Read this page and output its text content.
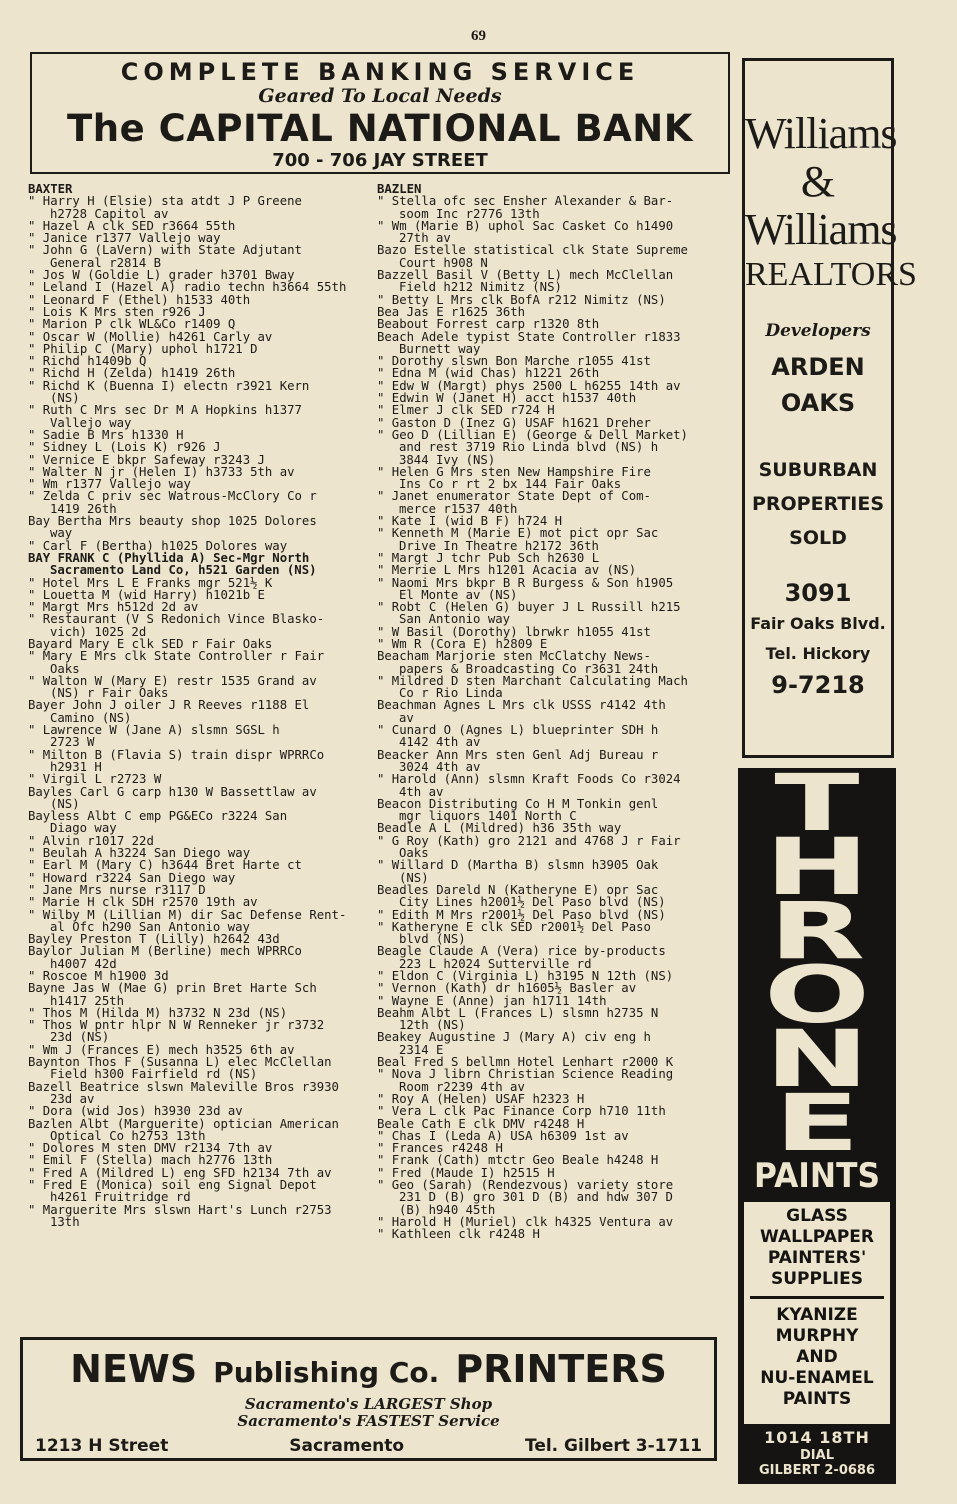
69
COMPLETE BANKING SERVICE
Geared To Local Needs
The CAPITAL NATIONAL BANK
700 - 706 JAY STREET
BAXTER
" Harry H (Elsie) sta atdt J P Greene
h2728 Capitol av
" Hazel A clk SED r3664 55th
" Janice r1377 Vallejo way
" John G (LaVern) with State Adjutant
General r2814 B
" Jos W (Goldie L) grader h3701 Bway
" Leland I (Hazel A) radio techn h3664 55th
" Leonard F (Ethel) h1533 40th
" Lois K Mrs sten r926 J
" Marion P clk WL&Co r1409 Q
" Oscar W (Mollie) h4261 Carly av
" Philip C (Mary) uphol h1721 D
" Richd h1409b Q
" Richd H (Zelda) h1419 26th
" Richd K (Buenna I) electn r3921 Kern
(NS)
" Ruth C Mrs sec Dr M A Hopkins h1377
Vallejo way
" Sadie B Mrs h1330 H
" Sidney L (Lois K) r926 J
" Vernice E bkpr Safeway r3243 J
" Walter N jr (Helen I) h3733 5th av
" Wm r1377 Vallejo way
" Zelda C priv sec Watrous-McClory Co r
1419 26th
Bay Bertha Mrs beauty shop 1025 Dolores
way
" Carl F (Bertha) h1025 Dolores way
BAY FRANK C (Phyllida A) Sec-Mgr North
Sacramento Land Co, h521 Garden (NS)
" Hotel Mrs L E Franks mgr 521½ K
" Louetta M (wid Harry) h1021b E
" Margt Mrs h512d 2d av
" Restaurant (V S Redonich Vince Blasko-
vich) 1025 2d
Bayard Mary E clk SED r Fair Oaks
" Mary E Mrs clk State Controller r Fair
Oaks
" Walton W (Mary E) restr 1535 Grand av
(NS) r Fair Oaks
Bayer John J oiler J R Reeves r1188 El
Camino (NS)
" Lawrence W (Jane A) slsmn SGSL h
2723 W
" Milton B (Flavia S) train dispr WPRRCo
h2931 H
" Virgil L r2723 W
Bayles Carl G carp h130 W Bassettlaw av
(NS)
Bayless Albt C emp PG&ECo r3224 San
Diago way
" Alvin r1017 22d
" Beulah A h3224 San Diego way
" Earl M (Mary C) h3644 Bret Harte ct
" Howard r3224 San Diego way
" Jane Mrs nurse r3117 D
" Marie H clk SDH r2570 19th av
" Wilby M (Lillian M) dir Sac Defense Rent-
al Ofc h290 San Antonio way
Bayley Preston T (Lilly) h2642 43d
Baylor Julian M (Berline) mech WPRRCo
h4007 42d
" Roscoe M h1900 3d
Bayne Jas W (Mae G) prin Bret Harte Sch
h1417 25th
" Thos M (Hilda M) h3732 N 23d (NS)
" Thos W pntr hlpr N W Renneker jr r3732
23d (NS)
" Wm J (Frances E) mech h3525 6th av
Baynton Thos F (Susanna L) elec McClellan
Field h300 Fairfield rd (NS)
Bazell Beatrice slswn Maleville Bros r3930
23d av
" Dora (wid Jos) h3930 23d av
Bazlen Albt (Marguerite) optician American
Optical Co h2753 13th
" Dolores M sten DMV r2134 7th av
" Emil F (Stella) mach h2776 13th
" Fred A (Mildred L) eng SFD h2134 7th av
" Fred E (Monica) soil eng Signal Depot
h4261 Fruitridge rd
" Marguerite Mrs slswn Hart's Lunch r2753
13th
BAZLEN
" Stella ofc sec Ensher Alexander & Bar-
soom Inc r2776 13th
" Wm (Marie B) uphol Sac Casket Co h1490
27th av
Bazo Estelle statistical clk State Supreme
Court h908 N
Bazzell Basil V (Betty L) mech McClellan
Field h212 Nimitz (NS)
" Betty L Mrs clk BofA r212 Nimitz (NS)
Bea Jas E r1625 36th
Beabout Forrest carp r1320 8th
Beach Adele typist State Controller r1833
Burnett way
" Dorothy slswn Bon Marche r1055 41st
" Edna M (wid Chas) h1221 26th
" Edw W (Margt) phys 2500 L h6255 14th av
" Edwin W (Janet H) acct h1537 40th
" Elmer J clk SED r724 H
" Gaston D (Inez G) USAF h1621 Dreher
" Geo D (Lillian E) (George & Dell Market)
and rest 3719 Rio Linda blvd (NS) h
3844 Ivy (NS)
" Helen G Mrs sten New Hampshire Fire
Ins Co r rt 2 bx 144 Fair Oaks
" Janet enumerator State Dept of Com-
merce r1537 40th
" Kate I (wid B F) h724 H
" Kenneth M (Marie E) mot pict opr Sac
Drive In Theatre h2172 36th
" Margt J tchr Pub Sch h2630 L
" Merrie L Mrs h1201 Acacia av (NS)
" Naomi Mrs bkpr B R Burgess & Son h1905
El Monte av (NS)
" Robt C (Helen G) buyer J L Russill h215
San Antonio way
" W Basil (Dorothy) lbrwkr h1055 41st
" Wm R (Cora E) h2809 E
Beacham Marjorie sten McClatchy News-
papers & Broadcasting Co r3631 24th
" Mildred D sten Marchant Calculating Mach
Co r Rio Linda
Beachman Agnes L Mrs clk USSS r4142 4th
av
" Cunard O (Agnes L) blueprinter SDH h
4142 4th av
Beacker Ann Mrs sten Genl Adj Bureau r
3024 4th av
" Harold (Ann) slsmn Kraft Foods Co r3024
4th av
Beacon Distributing Co H M Tonkin genl
mgr liquors 1401 North C
Beadle A L (Mildred) h36 35th way
" G Roy (Kath) gro 2121 and 4768 J r Fair
Oaks
" Willard D (Martha B) slsmn h3905 Oak
(NS)
Beadles Dareld N (Katheryne E) opr Sac
City Lines h2001½ Del Paso blvd (NS)
" Edith M Mrs r2001½ Del Paso blvd (NS)
" Katheryne E clk SED r2001½ Del Paso
blvd (NS)
Beagle Claude A (Vera) rice by-products
223 L h2024 Sutterville rd
" Eldon C (Virginia L) h3195 N 12th (NS)
" Vernon (Kath) dr h1605½ Basler av
" Wayne E (Anne) jan h1711 14th
Beahm Albt L (Frances L) slsmn h2735 N
12th (NS)
Beakey Augustine J (Mary A) civ eng h
2314 E
Beal Fred S bellmn Hotel Lenhart r2000 K
" Nova J librn Christian Science Reading
Room r2239 4th av
" Roy A (Helen) USAF h2323 H
" Vera L clk Pac Finance Corp h710 11th
Beale Cath E clk DMV r4248 H
" Chas I (Leda A) USA h6309 1st av
" Frances r4248 H
" Frank (Cath) mtctr Geo Beale h4248 H
" Fred (Maude I) h2515 H
" Geo (Sarah) (Rendezvous) variety store
231 D (B) gro 301 D (B) and hdw 307 D
(B) h940 45th
" Harold H (Muriel) clk h4325 Ventura av
" Kathleen clk r4248 H
Williams
&
Williams
REALTORS
Developers
ARDEN
OAKS
SUBURBAN
PROPERTIES
SOLD
3091
Fair Oaks Blvd.
Tel. Hickory
9-7218
T
H
R
O
N
E
PAINTS
GLASS
WALLPAPER
PAINTERS'
SUPPLIES
KYANIZE
MURPHY
AND
NU-ENAMEL
PAINTS
1014 18TH
DIAL
GILBERT 2-0686
NEWS Publishing Co. PRINTERS
Sacramento's LARGEST Shop
Sacramento's FASTEST Service
1213 H Street	Sacramento	Tel. Gilbert 3-1711
